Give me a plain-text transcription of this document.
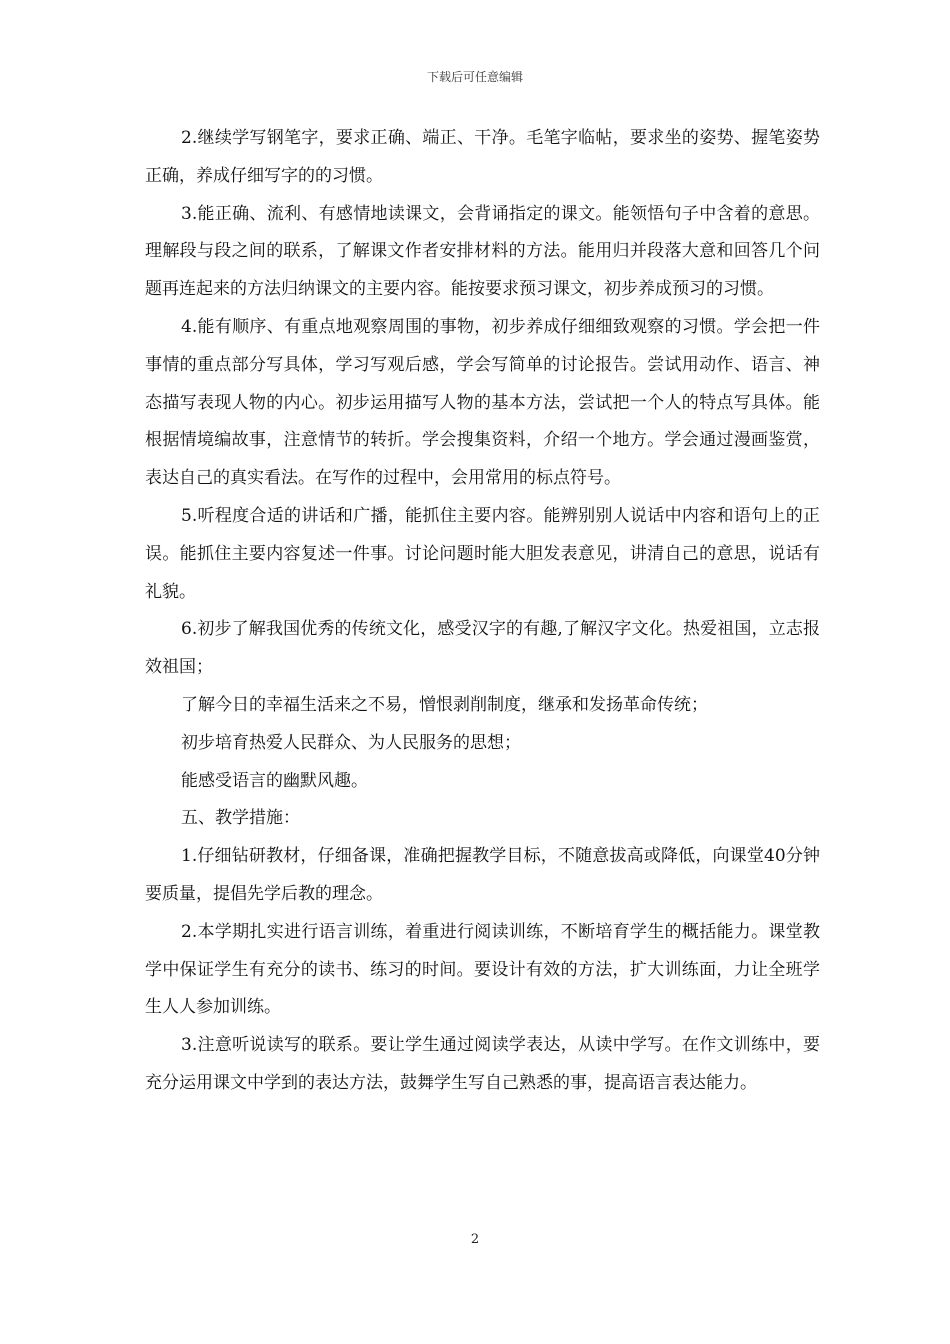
下载后可任意编辑

2.继续学写钢笔字，要求正确、端正、干净。毛笔字临帖，要求坐的姿势、握笔姿势正确，养成仔细写字的的习惯。

3.能正确、流利、有感情地读课文，会背诵指定的课文。能领悟句子中含着的意思。理解段与段之间的联系，了解课文作者安排材料的方法。能用归并段落大意和回答几个问题再连起来的方法归纳课文的主要内容。能按要求预习课文，初步养成预习的习惯。

4.能有顺序、有重点地观察周围的事物，初步养成仔细细致观察的习惯。学会把一件事情的重点部分写具体，学习写观后感，学会写简单的讨论报告。尝试用动作、语言、神态描写表现人物的内心。初步运用描写人物的基本方法，尝试把一个人的特点写具体。能根据情境编故事，注意情节的转折。学会搜集资料，介绍一个地方。学会通过漫画鉴赏，表达自己的真实看法。在写作的过程中，会用常用的标点符号。

5.听程度合适的讲话和广播，能抓住主要内容。能辨别别人说话中内容和语句上的正误。能抓住主要内容复述一件事。讨论问题时能大胆发表意见，讲清自己的意思，说话有礼貌。

6.初步了解我国优秀的传统文化，感受汉字的有趣,了解汉字文化。热爱祖国，立志报效祖国；

了解今日的幸福生活来之不易，憎恨剥削制度，继承和发扬革命传统；

初步培育热爱人民群众、为人民服务的思想；

能感受语言的幽默风趣。

五、教学措施：

1.仔细钻研教材，仔细备课，准确把握教学目标，不随意拔高或降低，向课堂40分钟要质量，提倡先学后教的理念。

2.本学期扎实进行语言训练，着重进行阅读训练，不断培育学生的概括能力。课堂教学中保证学生有充分的读书、练习的时间。要设计有效的方法，扩大训练面，力让全班学生人人参加训练。

3.注意听说读写的联系。要让学生通过阅读学表达，从读中学写。在作文训练中，要充分运用课文中学到的表达方法，鼓舞学生写自己熟悉的事，提高语言表达能力。

2
